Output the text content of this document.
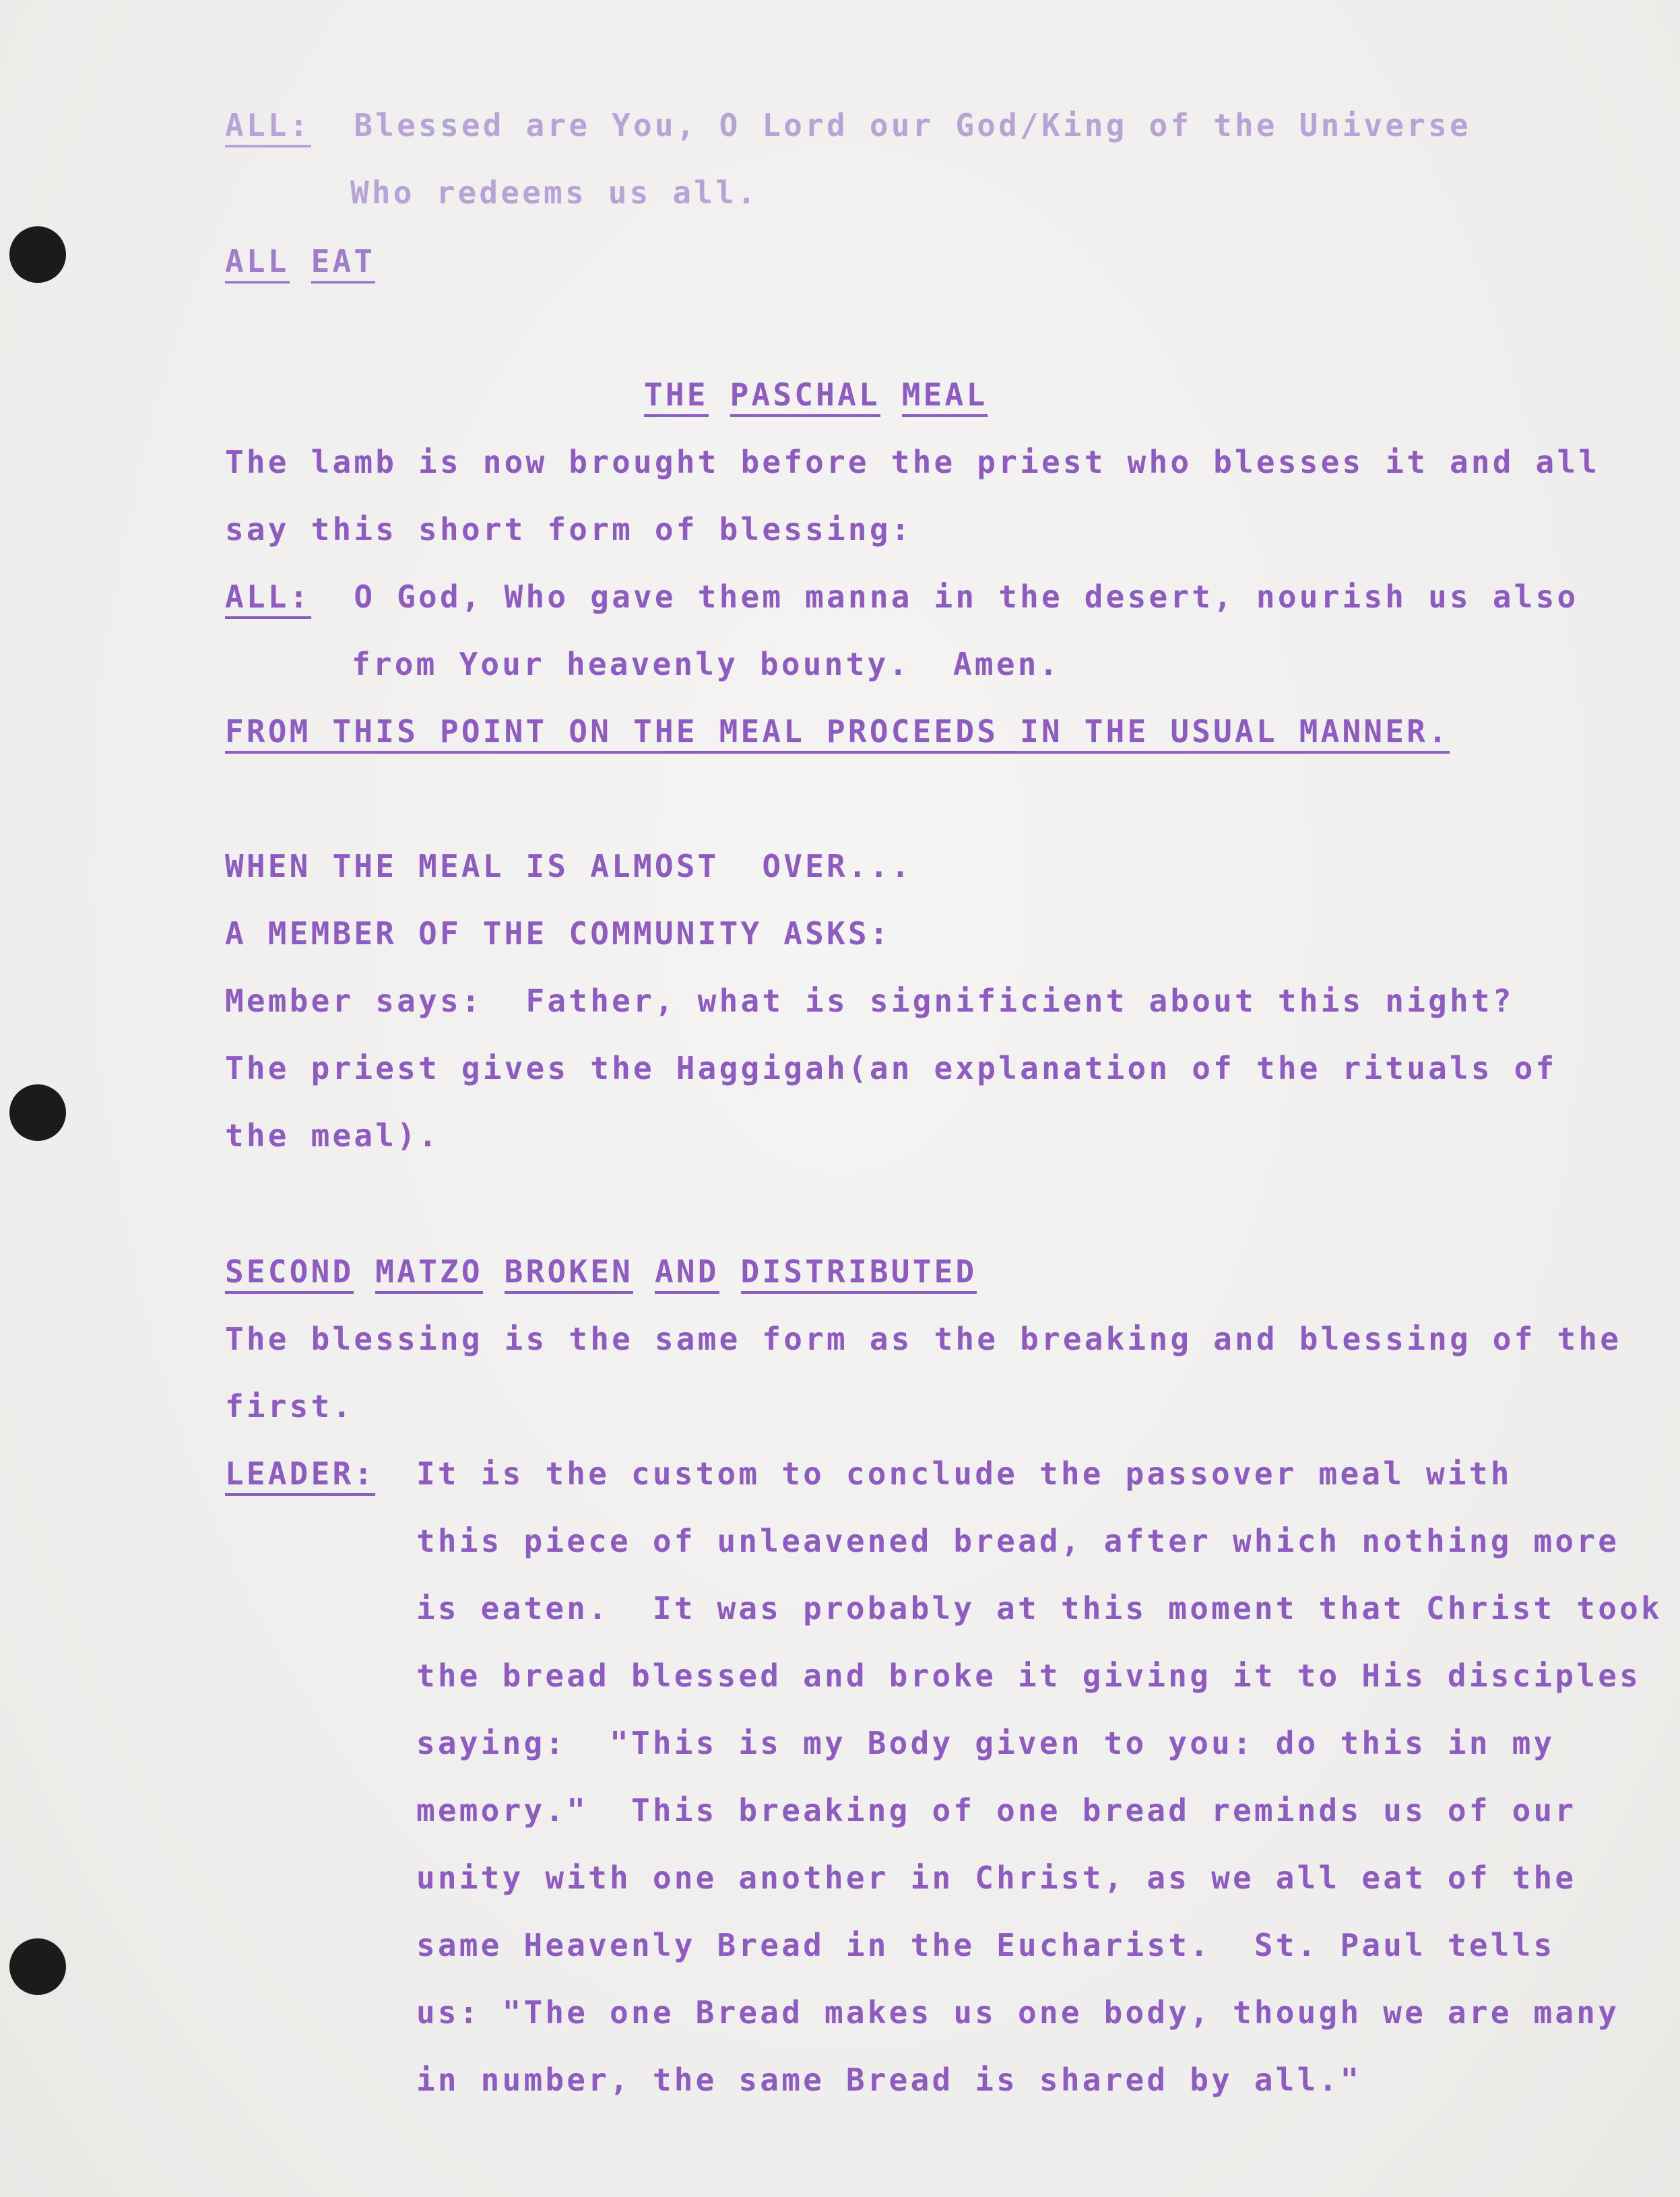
ALL: Blessed are You, O Lord our God/King of the Universe
Who redeems us all.
ALL EAT
THE PASCHAL MEAL
The lamb is now brought before the priest who blesses it and all
say this short form of blessing:
ALL: O God, Who gave them manna in the desert, nourish us also
from Your heavenly bounty.  Amen.
FROM THIS POINT ON THE MEAL PROCEEDS IN THE USUAL MANNER.
WHEN THE MEAL IS ALMOST  OVER...
A MEMBER OF THE COMMUNITY ASKS:
Member says:  Father, what is significient about this night?
The priest gives the Haggigah(an explanation of the rituals of
the meal).
SECOND MATZO BROKEN AND DISTRIBUTED
The blessing is the same form as the breaking and blessing of the
first.
LEADER: It is the custom to conclude the passover meal with
this piece of unleavened bread, after which nothing more
is eaten.  It was probably at this moment that Christ took
the bread blessed and broke it giving it to His disciples
saying:  "This is my Body given to you: do this in my
memory."  This breaking of one bread reminds us of our
unity with one another in Christ, as we all eat of the
same Heavenly Bread in the Eucharist.  St. Paul tells
us: "The one Bread makes us one body, though we are many
in number, the same Bread is shared by all."
